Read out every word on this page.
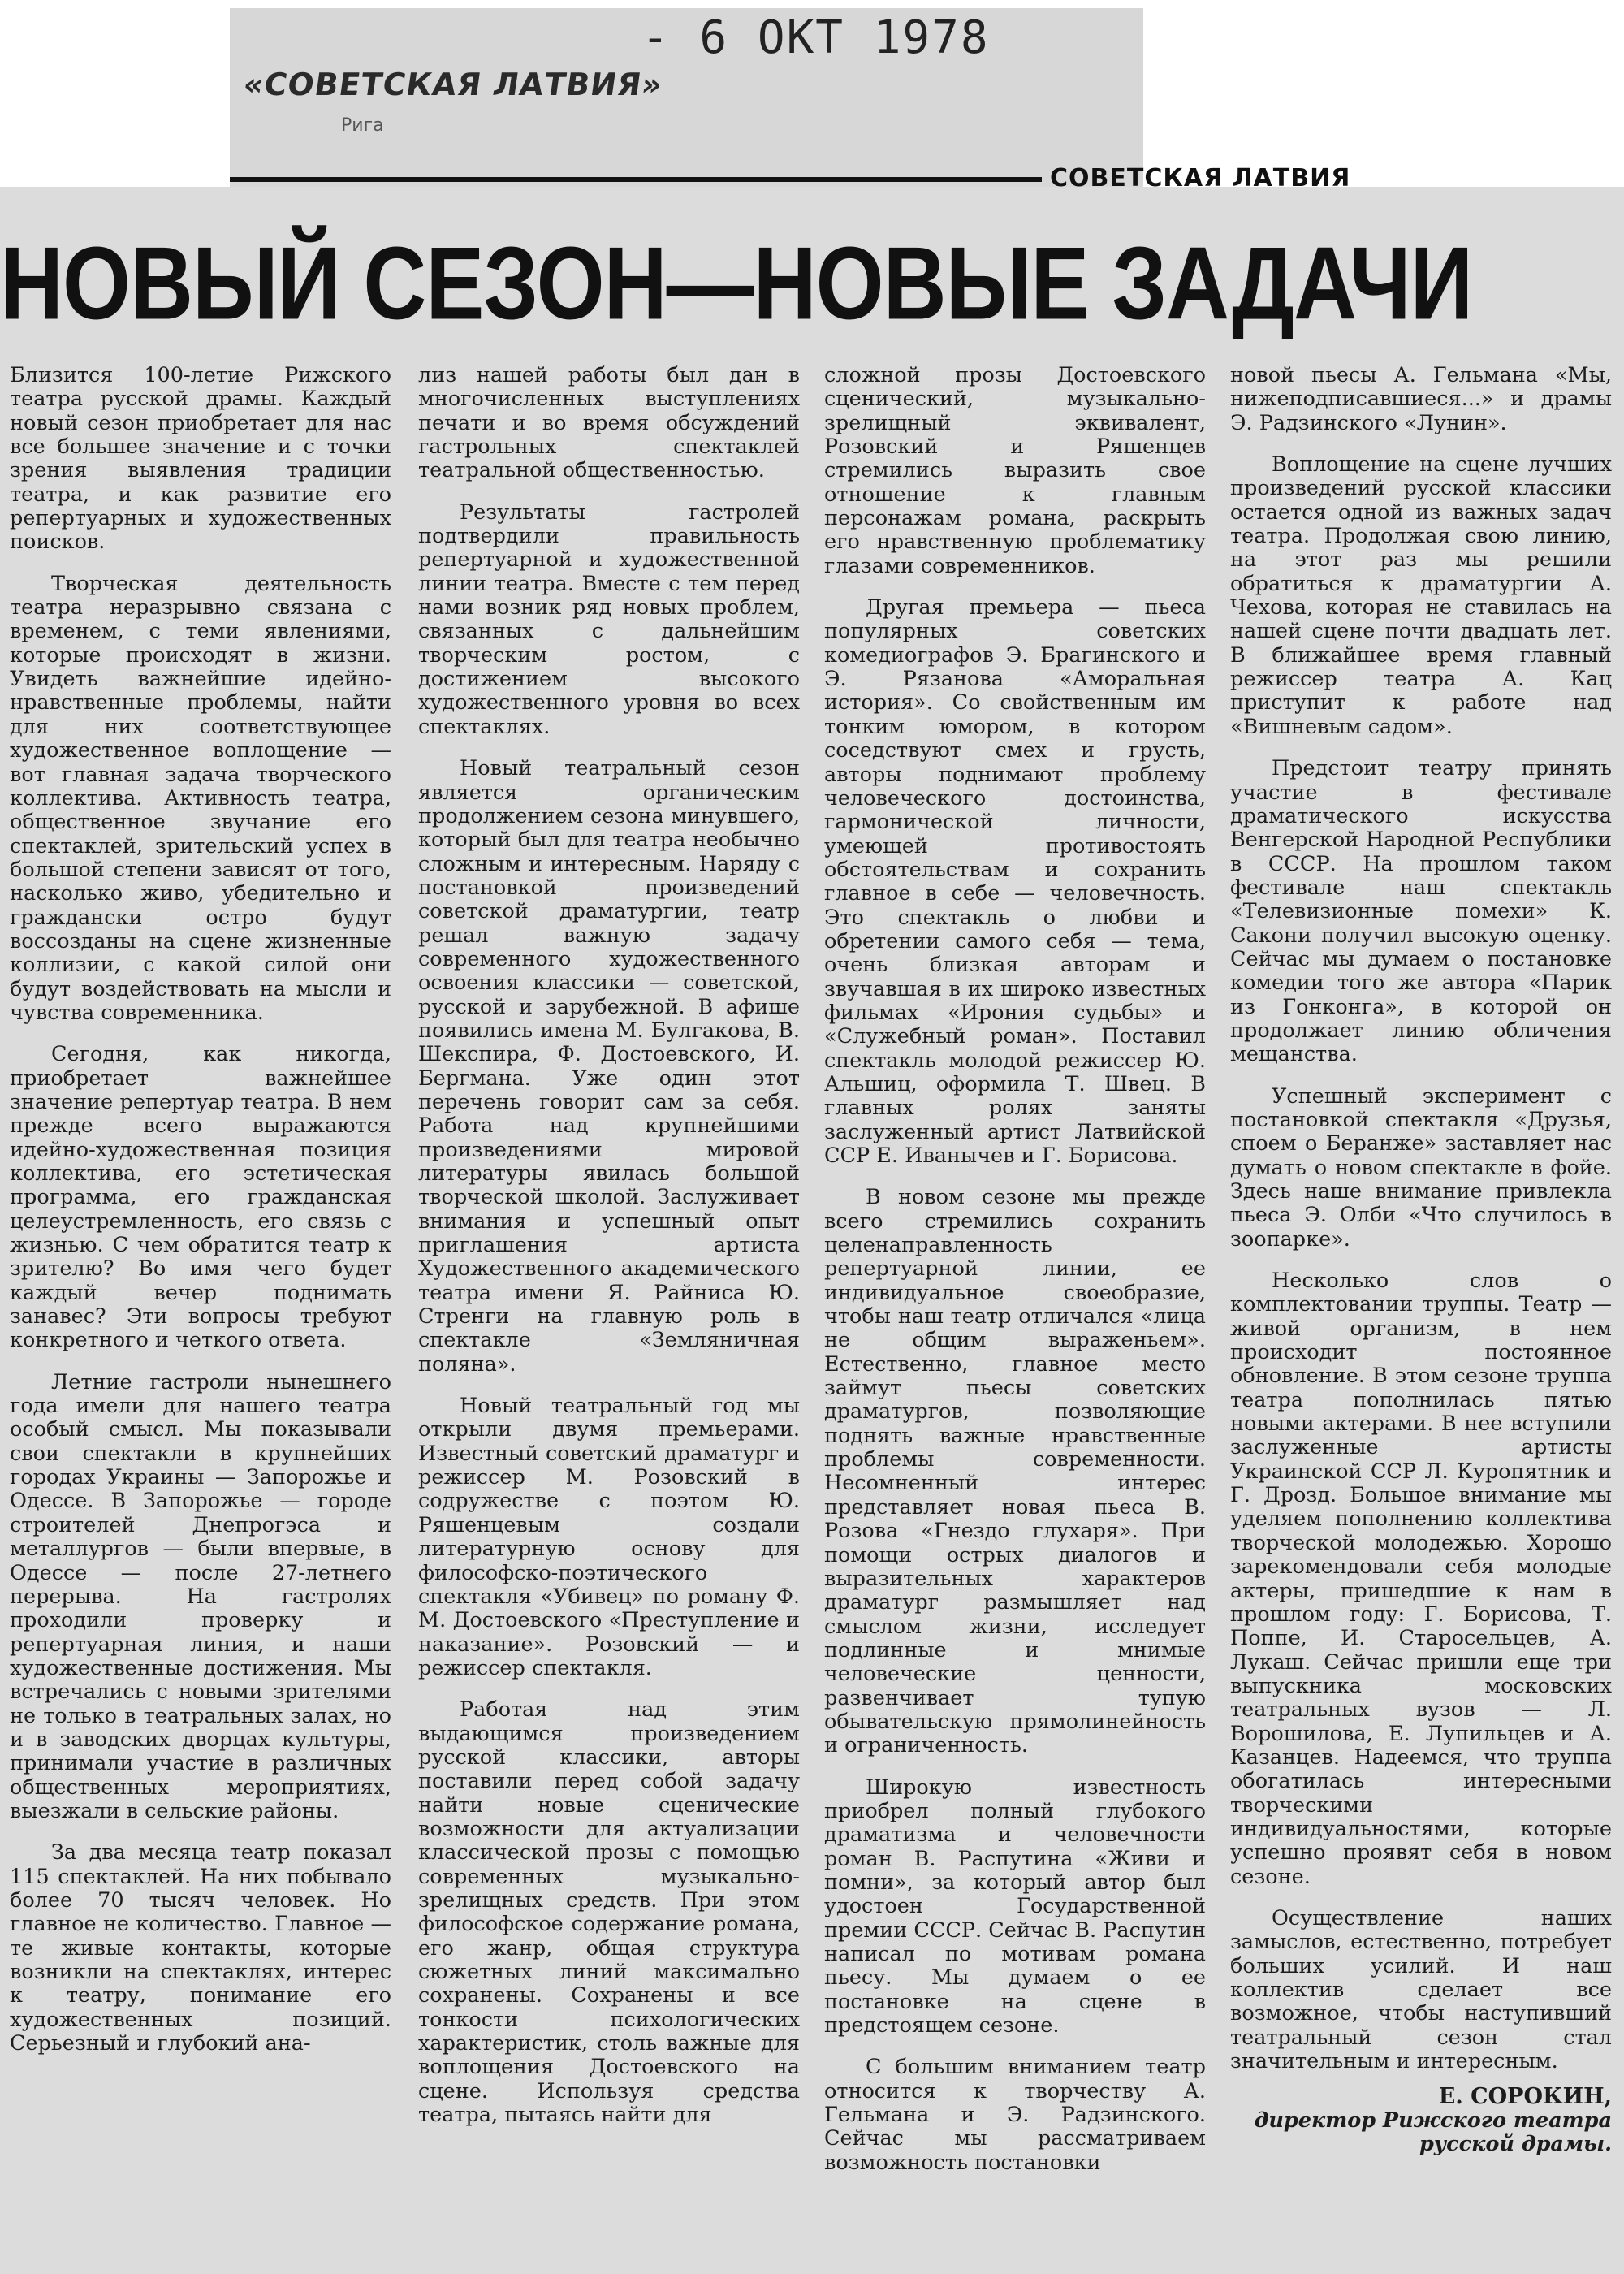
«СОВЕТСКАЯ ЛАТВИЯ»
Рига
- 6 ОКТ 1978
СОВЕТСКАЯ ЛАТВИЯ
НОВЫЙ СЕЗОН—НОВЫЕ ЗАДАЧИ

Близится 100-летие Рижского театра русской драмы. Каждый новый сезон приобретает для нас все большее значение и с точки зрения выявления традиции театра, и как развитие его репертуарных и художественных поисков.

Творческая деятельность театра неразрывно связана с временем, с теми явлениями, которые происходят в жизни. Увидеть важнейшие идейно-нравственные проблемы, найти для них соответствующее художественное воплощение — вот главная задача творческого коллектива. Активность театра, общественное звучание его спектаклей, зрительский успех в большой степени зависят от того, насколько живо, убедительно и граждански остро будут воссозданы на сцене жизненные коллизии, с какой силой они будут воздействовать на мысли и чувства современника.

Сегодня, как никогда, приобретает важнейшее значение репертуар театра. В нем прежде всего выражаются идейно-художественная позиция коллектива, его эстетическая программа, его гражданская целеустремленность, его связь с жизнью. С чем обратится театр к зрителю? Во имя чего будет каждый вечер поднимать занавес? Эти вопросы требуют конкретного и четкого ответа.

Летние гастроли нынешнего года имели для нашего театра особый смысл. Мы показывали свои спектакли в крупнейших городах Украины — Запорожье и Одессе. В Запорожье — городе строителей Днепрогэса и металлургов — были впервые, в Одессе — после 27-летнего перерыва. На гастролях проходили проверку и репертуарная линия, и наши художественные достижения. Мы встречались с новыми зрителями не только в театральных залах, но и в заводских дворцах культуры, принимали участие в различных общественных мероприятиях, выезжали в сельские районы.

За два месяца театр показал 115 спектаклей. На них побывало более 70 тысяч человек. Но главное не количество. Главное — те живые контакты, которые возникли на спектаклях, интерес к театру, понимание его художественных позиций. Серьезный и глубокий ана-

лиз нашей работы был дан в многочисленных выступлениях печати и во время обсуждений гастрольных спектаклей театральной общественностью.

Результаты гастролей подтвердили правильность репертуарной и художественной линии театра. Вместе с тем перед нами возник ряд новых проблем, связанных с дальнейшим творческим ростом, с достижением высокого художественного уровня во всех спектаклях.

Новый театральный сезон является органическим продолжением сезона минувшего, который был для театра необычно сложным и интересным. Наряду с постановкой произведений советской драматургии, театр решал важную задачу современного художественного освоения классики — советской, русской и зарубежной. В афише появились имена М. Булгакова, В. Шекспира, Ф. Достоевского, И. Бергмана. Уже один этот перечень говорит сам за себя. Работа над крупнейшими произведениями мировой литературы явилась большой творческой школой. Заслуживает внимания и успешный опыт приглашения артиста Художественного академического театра имени Я. Райниса Ю. Стренги на главную роль в спектакле «Земляничная поляна».

Новый театральный год мы открыли двумя премьерами. Известный советский драматург и режиссер М. Розовский в содружестве с поэтом Ю. Ряшенцевым создали литературную основу для философско-поэтического спектакля «Убивец» по роману Ф. М. Достоевского «Преступление и наказание». Розовский — и режиссер спектакля.

Работая над этим выдающимся произведением русской классики, авторы поставили перед собой задачу найти новые сценические возможности для актуализации классической прозы с помощью современных музыкально-зрелищных средств. При этом философское содержание романа, его жанр, общая структура сюжетных линий максимально сохранены. Сохранены и все тонкости психологических характеристик, столь важные для воплощения Достоевского на сцене. Используя средства театра, пытаясь найти для

сложной прозы Достоевского сценический, музыкально-зрелищный эквивалент, Розовский и Ряшенцев стремились выразить свое отношение к главным персонажам романа, раскрыть его нравственную проблематику глазами современников.

Другая премьера — пьеса популярных советских комедиографов Э. Брагинского и Э. Рязанова «Аморальная история». Со свойственным им тонким юмором, в котором соседствуют смех и грусть, авторы поднимают проблему человеческого достоинства, гармонической личности, умеющей противостоять обстоятельствам и сохранить главное в себе — человечность. Это спектакль о любви и обретении самого себя — тема, очень близкая авторам и звучавшая в их широко известных фильмах «Ирония судьбы» и «Служебный роман». Поставил спектакль молодой режиссер Ю. Альшиц, оформила Т. Швец. В главных ролях заняты заслуженный артист Латвийской ССР Е. Иванычев и Г. Борисова.

В новом сезоне мы прежде всего стремились сохранить целенаправленность репертуарной линии, ее индивидуальное своеобразие, чтобы наш театр отличался «лица не общим выраженьем». Естественно, главное место займут пьесы советских драматургов, позволяющие поднять важные нравственные проблемы современности. Несомненный интерес представляет новая пьеса В. Розова «Гнездо глухаря». При помощи острых диалогов и выразительных характеров драматург размышляет над смыслом жизни, исследует подлинные и мнимые человеческие ценности, развенчивает тупую обывательскую прямолинейность и ограниченность.

Широкую известность приобрел полный глубокого драматизма и человечности роман В. Распутина «Живи и помни», за который автор был удостоен Государственной премии СССР. Сейчас В. Распутин написал по мотивам романа пьесу. Мы думаем о ее постановке на сцене в предстоящем сезоне.

С большим вниманием театр относится к творчеству А. Гельмана и Э. Радзинского. Сейчас мы рассматриваем возможность постановки

новой пьесы А. Гельмана «Мы, нижеподписавшиеся...» и драмы Э. Радзинского «Лунин».

Воплощение на сцене лучших произведений русской классики остается одной из важных задач театра. Продолжая свою линию, на этот раз мы решили обратиться к драматургии А. Чехова, которая не ставилась на нашей сцене почти двадцать лет. В ближайшее время главный режиссер театра А. Кац приступит к работе над «Вишневым садом».

Предстоит театру принять участие в фестивале драматического искусства Венгерской Народной Республики в СССР. На прошлом таком фестивале наш спектакль «Телевизионные помехи» К. Сакони получил высокую оценку. Сейчас мы думаем о постановке комедии того же автора «Парик из Гонконга», в которой он продолжает линию обличения мещанства.

Успешный эксперимент с постановкой спектакля «Друзья, споем о Беранже» заставляет нас думать о новом спектакле в фойе. Здесь наше внимание привлекла пьеса Э. Олби «Что случилось в зоопарке».

Несколько слов о комплектовании труппы. Театр — живой организм, в нем происходит постоянное обновление. В этом сезоне труппа театра пополнилась пятью новыми актерами. В нее вступили заслуженные артисты Украинской ССР Л. Куропятник и Г. Дрозд. Большое внимание мы уделяем пополнению коллектива творческой молодежью. Хорошо зарекомендовали себя молодые актеры, пришедшие к нам в прошлом году: Г. Борисова, Т. Поппе, И. Старосельцев, А. Лукаш. Сейчас пришли еще три выпускника московских театральных вузов — Л. Ворошилова, Е. Лупильцев и А. Казанцев. Надеемся, что труппа обогатилась интересными творческими индивидуальностями, которые успешно проявят себя в новом сезоне.

Осуществление наших замыслов, естественно, потребует больших усилий. И наш коллектив сделает все возможное, чтобы наступивший театральный сезон стал значительным и интересным.

Е. СОРОКИН,
директор Рижского театра русской драмы.
